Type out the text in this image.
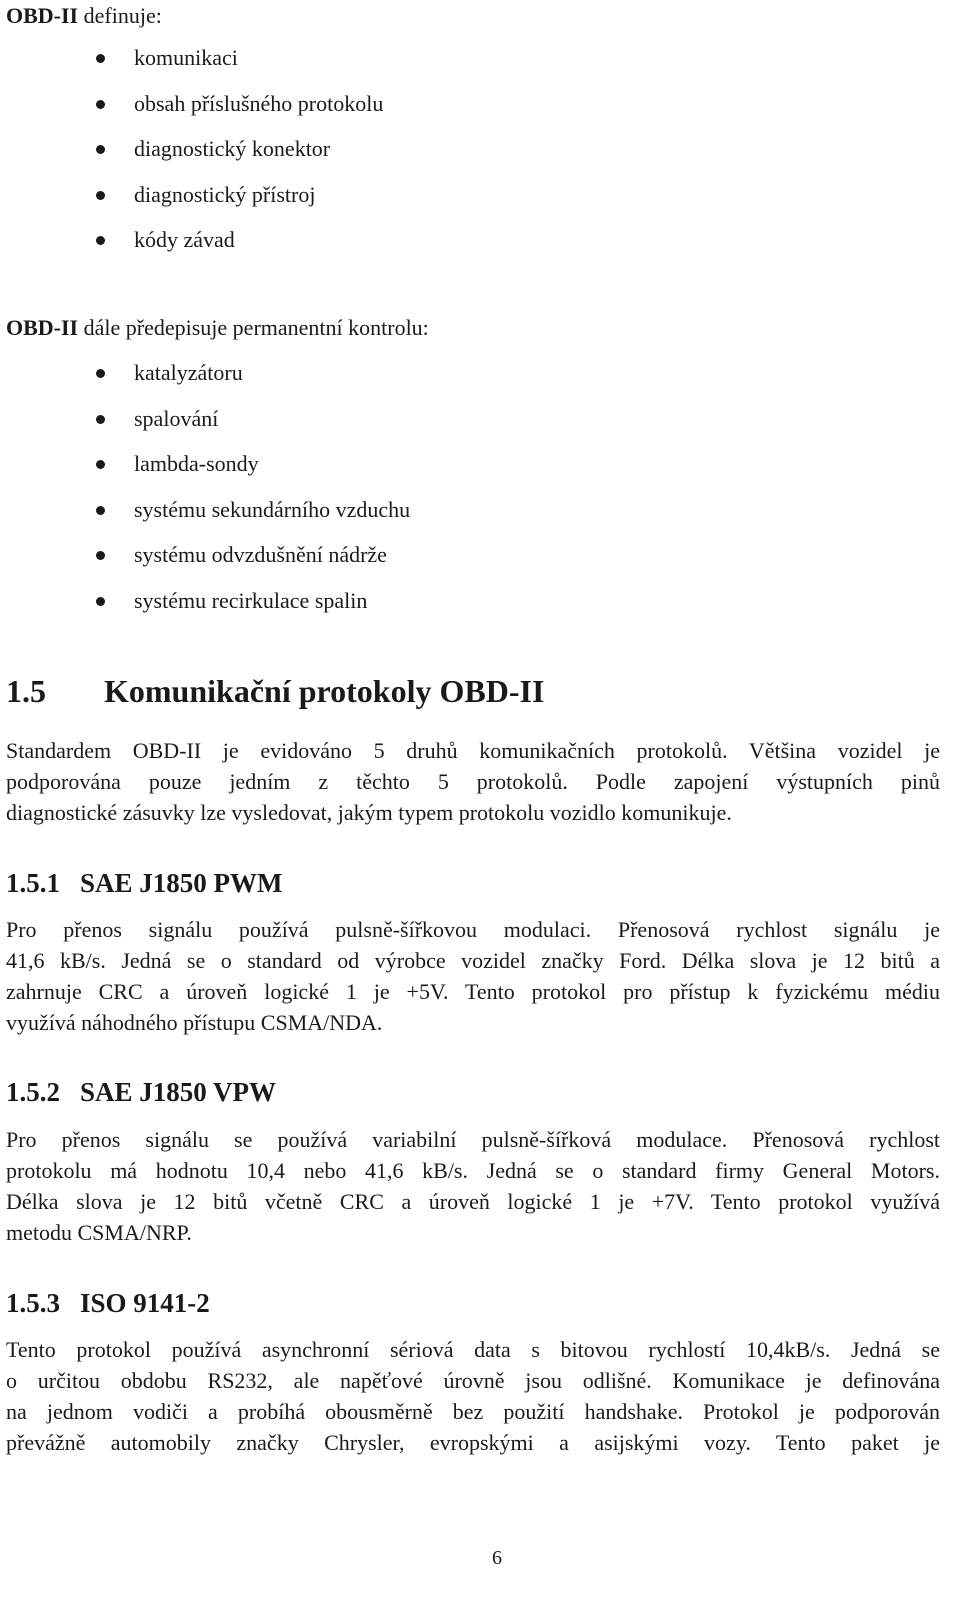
OBD-II definuje:
komunikaci
obsah příslušného protokolu
diagnostický konektor
diagnostický přístroj
kódy závad
OBD-II dále předepisuje permanentní kontrolu:
katalyzátoru
spalování
lambda-sondy
systému sekundárního vzduchu
systému odvzdušnění nádrže
systému recirkulace spalin
1.5 Komunikační protokoly OBD-II
Standardem OBD-II je evidováno 5 druhů komunikačních protokolů. Většina vozidel je
podporována pouze jedním z těchto 5 protokolů. Podle zapojení výstupních pinů
diagnostické zásuvky lze vysledovat, jakým typem protokolu vozidlo komunikuje.
1.5.1 SAE J1850 PWM
Pro přenos signálu používá pulsně-šířkovou modulaci. Přenosová rychlost signálu je
41,6 kB/s. Jedná se o standard od výrobce vozidel značky Ford. Délka slova je 12 bitů a
zahrnuje CRC a úroveň logické 1 je +5V. Tento protokol pro přístup k fyzickému médiu
využívá náhodného přístupu CSMA/NDA.
1.5.2 SAE J1850 VPW
Pro přenos signálu se používá variabilní pulsně-šířková modulace. Přenosová rychlost
protokolu má hodnotu 10,4 nebo 41,6 kB/s. Jedná se o standard firmy General Motors.
Délka slova je 12 bitů včetně CRC a úroveň logické 1 je +7V. Tento protokol využívá
metodu CSMA/NRP.
1.5.3 ISO 9141-2
Tento protokol používá asynchronní sériová data s bitovou rychlostí 10,4kB/s. Jedná se
o určitou obdobu RS232, ale napěťové úrovně jsou odlišné. Komunikace je definována
na jednom vodiči a probíhá obousměrně bez použití handshake. Protokol je podporován
převážně automobily značky Chrysler, evropskými a asijskými vozy. Tento paket je
6
